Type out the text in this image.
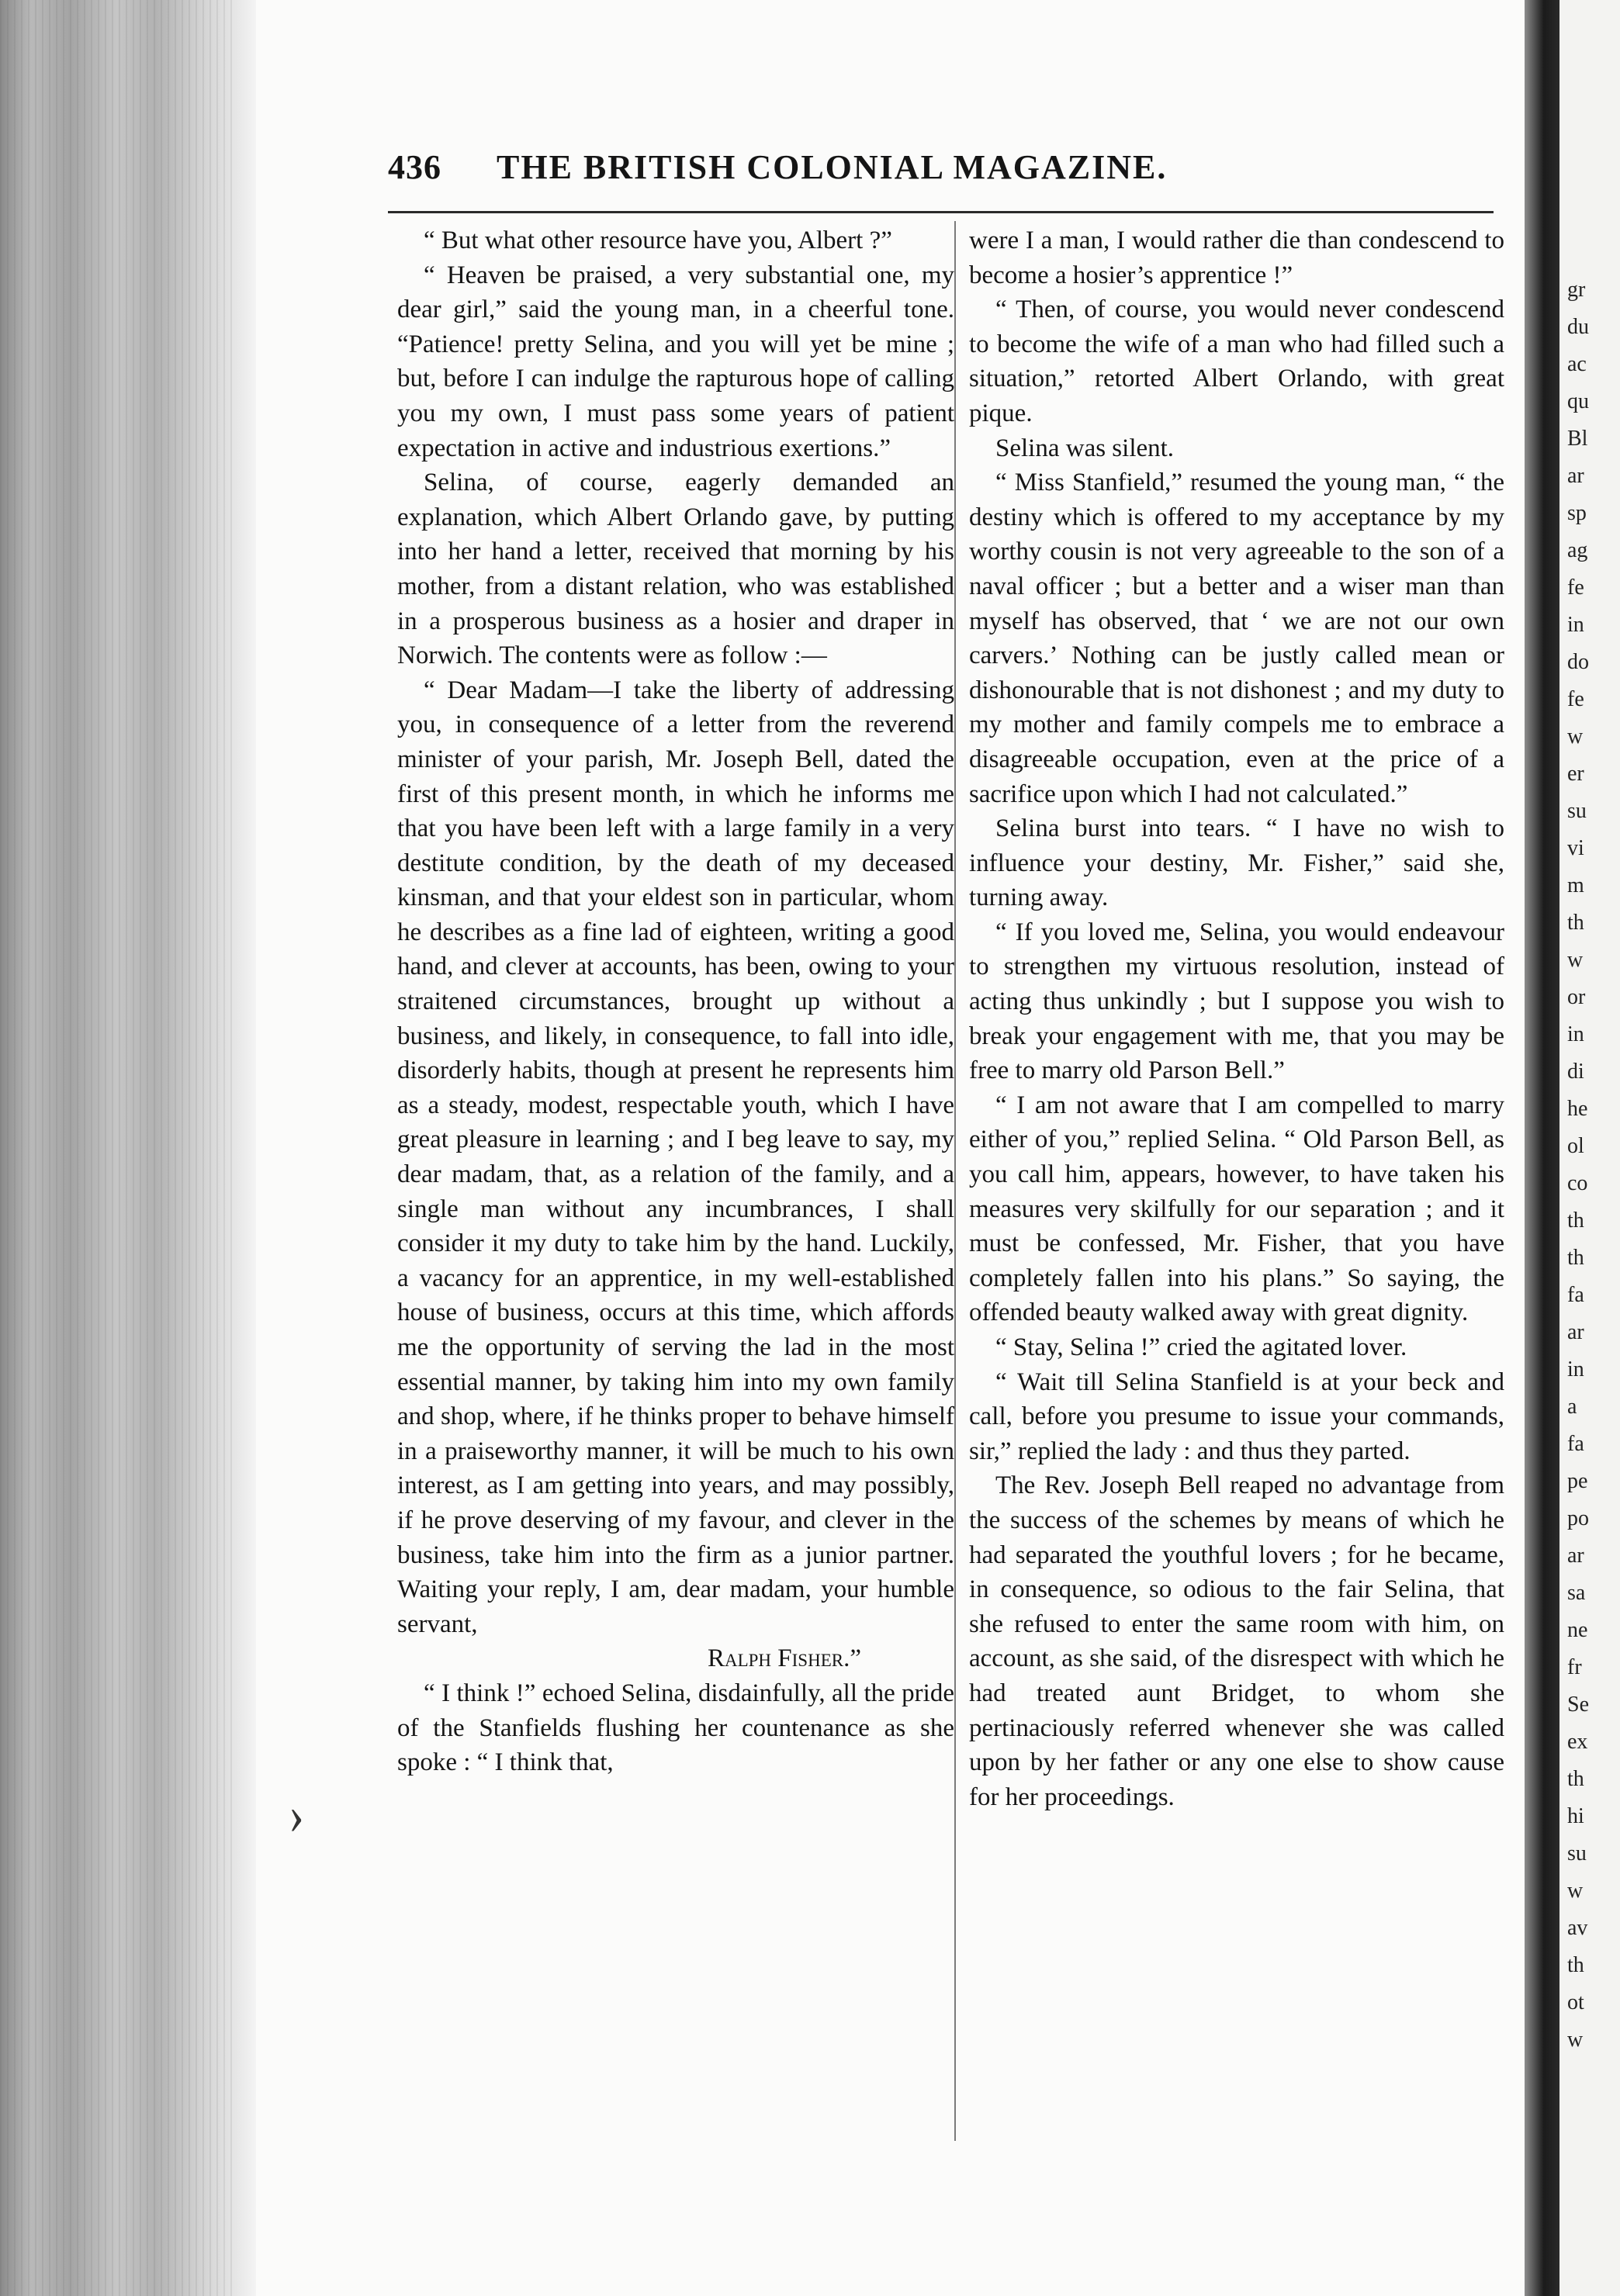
436 THE BRITISH COLONIAL MAGAZINE.

“ But what other resource have you, Albert ?”

“ Heaven be praised, a very substantial one, my dear girl,” said the young man, in a cheerful tone. “Patience! pretty Selina, and you will yet be mine ; but, before I can indulge the rapturous hope of calling you my own, I must pass some years of patient expectation in active and industrious exertions.”

Selina, of course, eagerly demanded an explanation, which Albert Orlando gave, by putting into her hand a letter, received that morning by his mother, from a distant relation, who was established in a prosperous business as a hosier and draper in Norwich. The contents were as follow :—

“ Dear Madam—I take the liberty of addressing you, in consequence of a letter from the reverend minister of your parish, Mr. Joseph Bell, dated the first of this present month, in which he informs me that you have been left with a large family in a very destitute condition, by the death of my deceased kinsman, and that your eldest son in particular, whom he describes as a fine lad of eighteen, writing a good hand, and clever at accounts, has been, owing to your straitened circumstances, brought up without a business, and likely, in consequence, to fall into idle, disorderly habits, though at present he represents him as a steady, modest, respectable youth, which I have great pleasure in learning ; and I beg leave to say, my dear madam, that, as a relation of the family, and a single man without any incumbrances, I shall consider it my duty to take him by the hand. Luckily, a vacancy for an apprentice, in my well-established house of business, occurs at this time, which affords me the opportunity of serving the lad in the most essential manner, by taking him into my own family and shop, where, if he thinks proper to behave himself in a praiseworthy manner, it will be much to his own interest, as I am getting into years, and may possibly, if he prove deserving of my favour, and clever in the business, take him into the firm as a junior partner. Waiting your reply, I am, dear madam, your humble servant,

Ralph Fisher.”

“ I think !” echoed Selina, disdainfully, all the pride of the Stanfields flushing her countenance as she spoke : “ I think that,

were I a man, I would rather die than condescend to become a hosier’s apprentice !”

“ Then, of course, you would never condescend to become the wife of a man who had filled such a situation,” retorted Albert Orlando, with great pique.

Selina was silent.

“ Miss Stanfield,” resumed the young man, “ the destiny which is offered to my acceptance by my worthy cousin is not very agreeable to the son of a naval officer ; but a better and a wiser man than myself has observed, that ‘ we are not our own carvers.’ Nothing can be justly called mean or dishonourable that is not dishonest ; and my duty to my mother and family compels me to embrace a disagreeable occupation, even at the price of a sacrifice upon which I had not calculated.”

Selina burst into tears. “ I have no wish to influence your destiny, Mr. Fisher,” said she, turning away.

“ If you loved me, Selina, you would endeavour to strengthen my virtuous resolution, instead of acting thus unkindly ; but I suppose you wish to break your engagement with me, that you may be free to marry old Parson Bell.”

“ I am not aware that I am compelled to marry either of you,” replied Selina. “ Old Parson Bell, as you call him, appears, however, to have taken his measures very skilfully for our separation ; and it must be confessed, Mr. Fisher, that you have completely fallen into his plans.” So saying, the offended beauty walked away with great dignity.

“ Stay, Selina !” cried the agitated lover.

“ Wait till Selina Stanfield is at your beck and call, before you presume to issue your commands, sir,” replied the lady : and thus they parted.

The Rev. Joseph Bell reaped no advantage from the success of the schemes by means of which he had separated the youthful lovers ; for he became, in consequence, so odious to the fair Selina, that she refused to enter the same room with him, on account, as she said, of the disrespect with which he had treated aunt Bridget, to whom she pertinaciously referred whenever she was called upon by her father or any one else to show cause for her proceedings.

›
gr
du
ac
qu
Bl
ar
sp
ag
fe
in
do
fe
w
er
su
vi
m
th
w
or
in
di
he
ol
co
th
th
fa
ar
in
a
fa
pe
po
ar
sa
ne
fr
Se
ex
th
hi
su
w
av
th
ot
w
